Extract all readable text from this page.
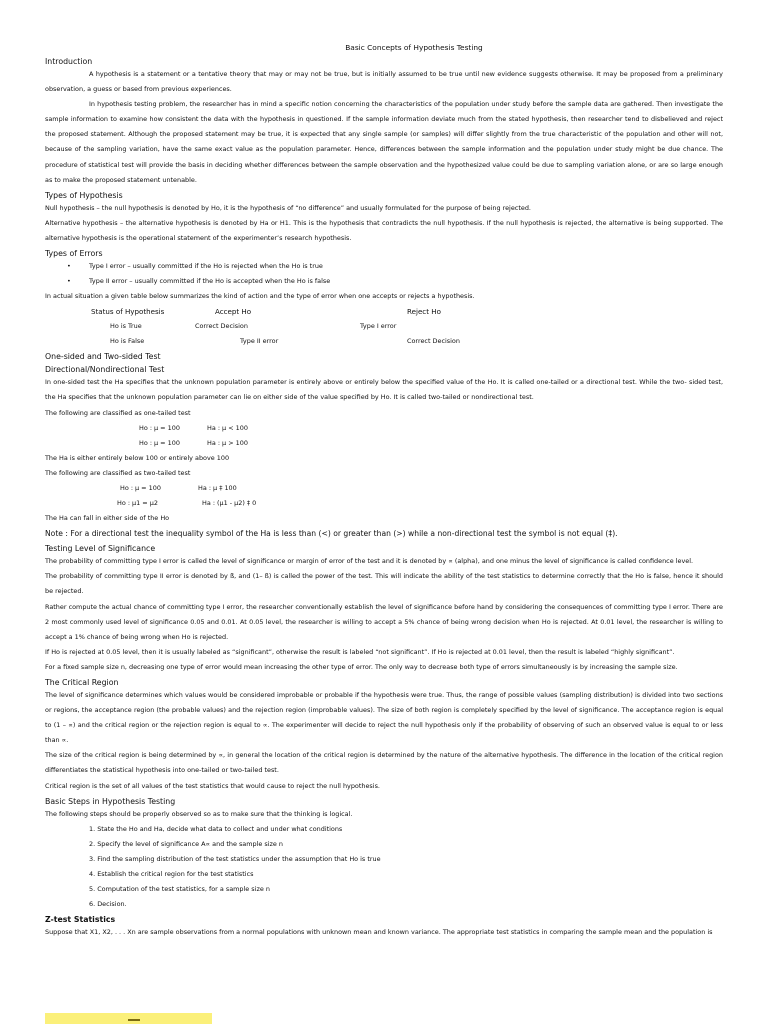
Basic Concepts of Hypothesis Testing
Introduction

A hypothesis is a statement or a tentative theory that may or may not be true, but is initially assumed to be true until new evidence suggests otherwise. It may be proposed from a preliminary observation, a guess or based from previous experiences.

In hypothesis testing problem, the researcher has in mind a specific notion concerning the characteristics of the population under study before the sample data are gathered. Then investigate the sample information to examine how consistent the data with the hypothesis in questioned. If the sample information deviate much from the stated hypothesis, then researcher tend to disbelieved and reject the proposed statement. Although the proposed statement may be true, it is expected that any single sample (or samples) will differ slightly from the true characteristic of the population and other will not, because of the sampling variation, have the same exact value as the population parameter. Hence, differences between the sample information and the population under study might be due chance. The procedure of statistical test will provide the basis in deciding whether differences between the sample observation and the hypothesized value could be due to sampling variation alone, or are so large enough as to make the proposed statement untenable.

Types of Hypothesis

Null hypothesis – the null hypothesis is denoted by Ho, it is the hypothesis of “no difference” and usually formulated for the purpose of being rejected.

Alternative hypothesis – the alternative hypothesis is denoted by Ha or H1. This is the hypothesis that contradicts the null hypothesis. If the null hypothesis is rejected, the alternative is being supported. The alternative hypothesis is the operational statement of the experimenter’s research hypothesis.

Types of Errors
•	Type I error – usually committed if the Ho is rejected when the Ho is true
•	Type II error – usually committed if the Ho is accepted when the Ho is false

In actual situation a given table below summarizes the kind of action and the type of error when one accepts or rejects a hypothesis.

Status of Hypothesis	Accept Ho	Reject Ho
Ho is True	Correct Decision	Type I error
Ho is False	Type II error	Correct Decision
One-sided and Two-sided Test
Directional/Nondirectional Test

In one-sided test the Ha specifies that the unknown population parameter is entirely above or entirely below the specified value of the Ho. It is called one-tailed or a directional test. While the two- sided test, the Ha specifies that the unknown population parameter can lie on either side of the value specified by Ho. It is called two-tailed or nondirectional test.

The following are classified as one-tailed test

Ho : μ = 100	Ha : μ < 100
Ho : μ = 100	Ha : μ > 100

The Ha is either entirely below 100 or entirely above 100

The following are classified as two-tailed test

Ho : μ = 100	Ha : μ ‡ 100
Ho : μ1 = μ2	Ha : (μ1 - μ2) ‡ 0

The Ha can fall in either side of the Ho

Note : For a directional test the inequality symbol of the Ha is less than (<) or greater than (>) while a non-directional test the symbol is not equal (‡).

Testing Level of Significance

The probability of committing type I error is called the level of significance or margin of error of the test and it is denoted by ∝ (alpha), and one minus the level of significance is called confidence level.

The probability of committing type II error is denoted by ß, and (1– ß) is called the power of the test. This will indicate the ability of the test statistics to determine correctly that the Ho is false, hence it should be rejected.

Rather compute the actual chance of committing type I error, the researcher conventionally establish the level of significance before hand by considering the consequences of committing type I error. There are 2 most commonly used level of significance 0.05 and 0.01. At 0.05 level, the researcher is willing to accept a 5% chance of being wrong decision when Ho is rejected. At 0.01 level, the researcher is willing to accept a 1% chance of being wrong when Ho is rejected.

If Ho is rejected at 0.05 level, then it is usually labeled as “significant”, otherwise the result is labeled “not significant”. If Ho is rejected at 0.01 level, then the result is labeled “highly significant”.

For a fixed sample size n, decreasing one type of error would mean increasing the other type of error. The only way to decrease both type of errors simultaneously is by increasing the sample size.

The Critical Region

The level of significance determines which values would be considered improbable or probable if the hypothesis were true. Thus, the range of possible values (sampling distribution) is divided into two sections or regions, the acceptance region (the probable values) and the rejection region (improbable values). The size of both region is completely specified by the level of significance. The acceptance region is equal to (1 – ∝) and the critical region or the rejection region is equal to ∝. The experimenter will decide to reject the null hypothesis only if the probability of observing of such an observed value is equal to or less than ∝.

The size of the critical region is being determined by ∝, in general the location of the critical region is determined by the nature of the alternative hypothesis. The difference in the location of the critical region differentiates the statistical hypothesis into one-tailed or two-tailed test.

Critical region is the set of all values of the test statistics that would cause to reject the null hypothesis.

Basic Steps in Hypothesis Testing

The following steps should be properly observed so as to make sure that the thinking is logical.

1. State the Ho and Ha, decide what data to collect and under what conditions
2. Specify the level of significance A∝ and the sample size n
3. Find the sampling distribution of the test statistics under the assumption that Ho is true
4. Establish the critical region for the test statistics
5. Computation of the test statistics, for a sample size n
6. Decision.
Z-test Statistics

Suppose that X1, X2, . . . Xn are sample observations from a normal populations with unknown mean and known variance. The appropriate test statistics in comparing the sample mean and the population is
